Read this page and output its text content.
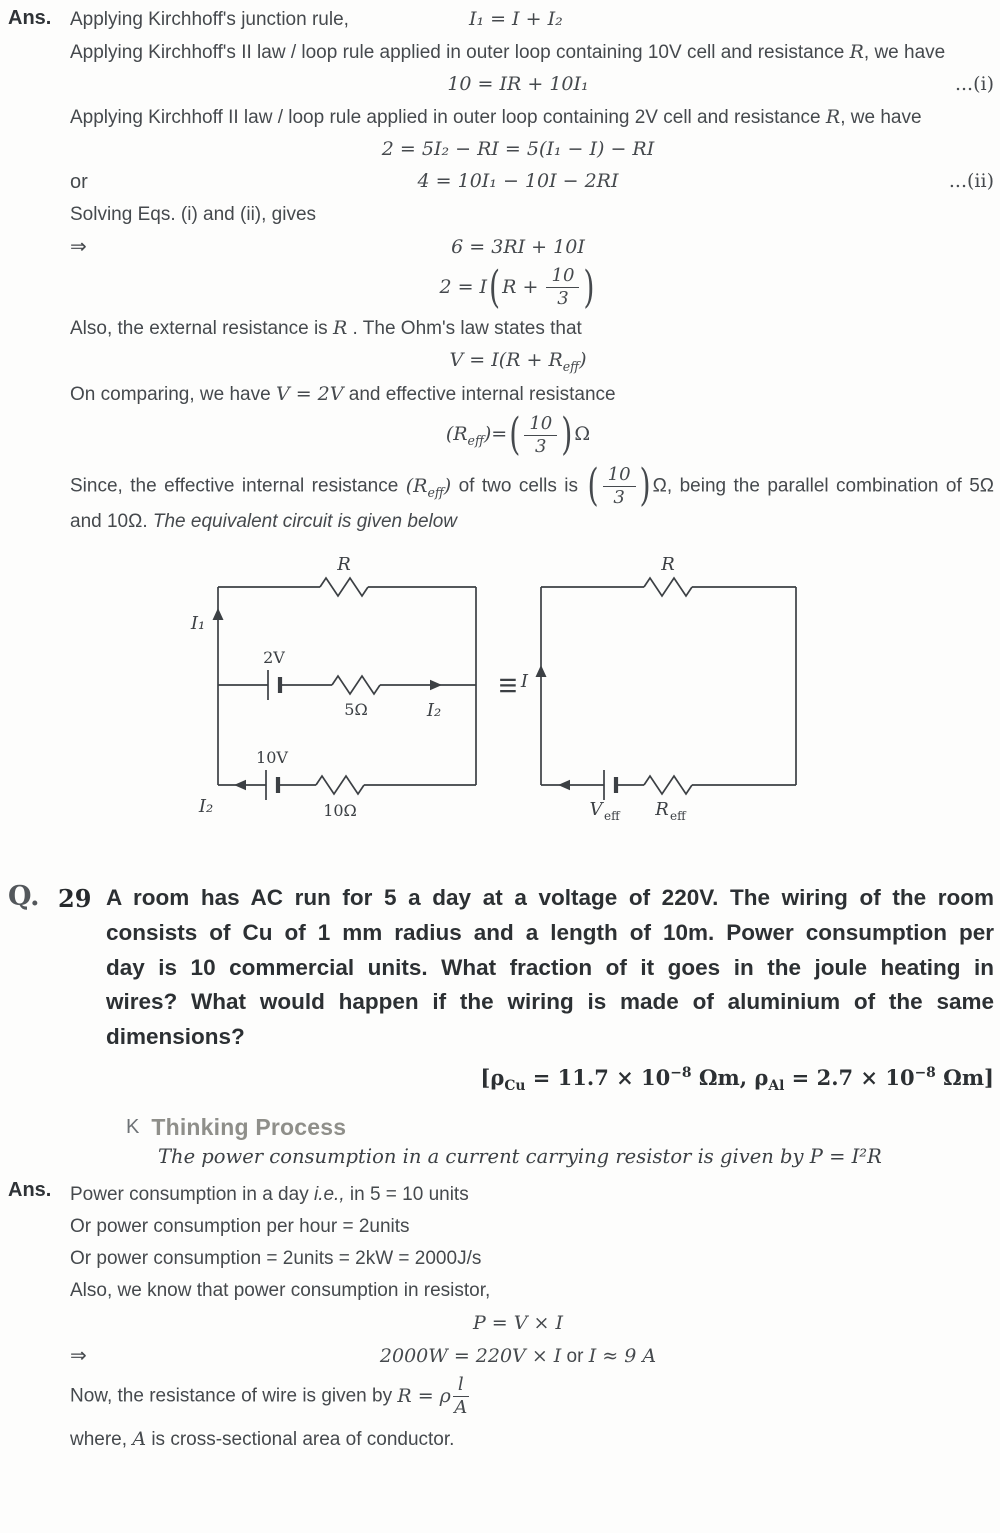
Ans. Applying Kirchhoff's junction rule,	I₁ = I + I₂

Applying Kirchhoff's II law / loop rule applied in outer loop containing 10V cell and resistance R, we have

10 = IR + 10I₁	...(i)

Applying Kirchhoff II law / loop rule applied in outer loop containing 2V cell and resistance R, we have

2 = 5I₂ − RI = 5(I₁ − I) − RI
or	4 = 10I₁ − 10I − 2RI	...(ii)

Solving Eqs. (i) and (ii), gives

⇒	6 = 3RI + 10I
2 = I( $R + \frac{10}{3}$ )

Also, the external resistance is R . The Ohm's law states that

$V = I(R + R_{eff})$

On comparing, we have V = 2V and effective internal resistance

$(R_{eff})=( \frac{10}{3}$ ) Ω

Since, the effective internal resistance $(R_{eff})$ of two cells is ( $\frac{10}{3}$ ) Ω, being the parallel combination of 5Ω and 10Ω. The equivalent circuit is given below

R
I₁
2V
5Ω	I₂
10V
10Ω
I₂
≡
R
I
V eff R eff
Q. 29 A room has AC run for 5 a day at a voltage of 220V. The wiring of the room consists of Cu of 1 mm radius and a length of 10m. Power consumption per day is 10 commercial units. What fraction of it goes in the joule heating in wires? What would happen if the wiring is made of aluminium of the same dimensions?
[$\rho_{Cu} = 11.7 \times 10^{-8}$ Ωm, $\rho_{Al} = 2.7 \times 10^{-8}$ Ωm]
K Thinking Process
The power consumption in a current carrying resistor is given by P = I²R
Ans. Power consumption in a day i.e., in 5 = 10 units

Or power consumption per hour = 2units

Or power consumption = 2units = 2kW = 2000J/s

Also, we know that power consumption in resistor,

P = V × I
⇒	2000W = 220V × I or I ≈ 9 A

Now, the resistance of wire is given by R = ρ $\frac{l}{A}$

where, A is cross-sectional area of conductor.
